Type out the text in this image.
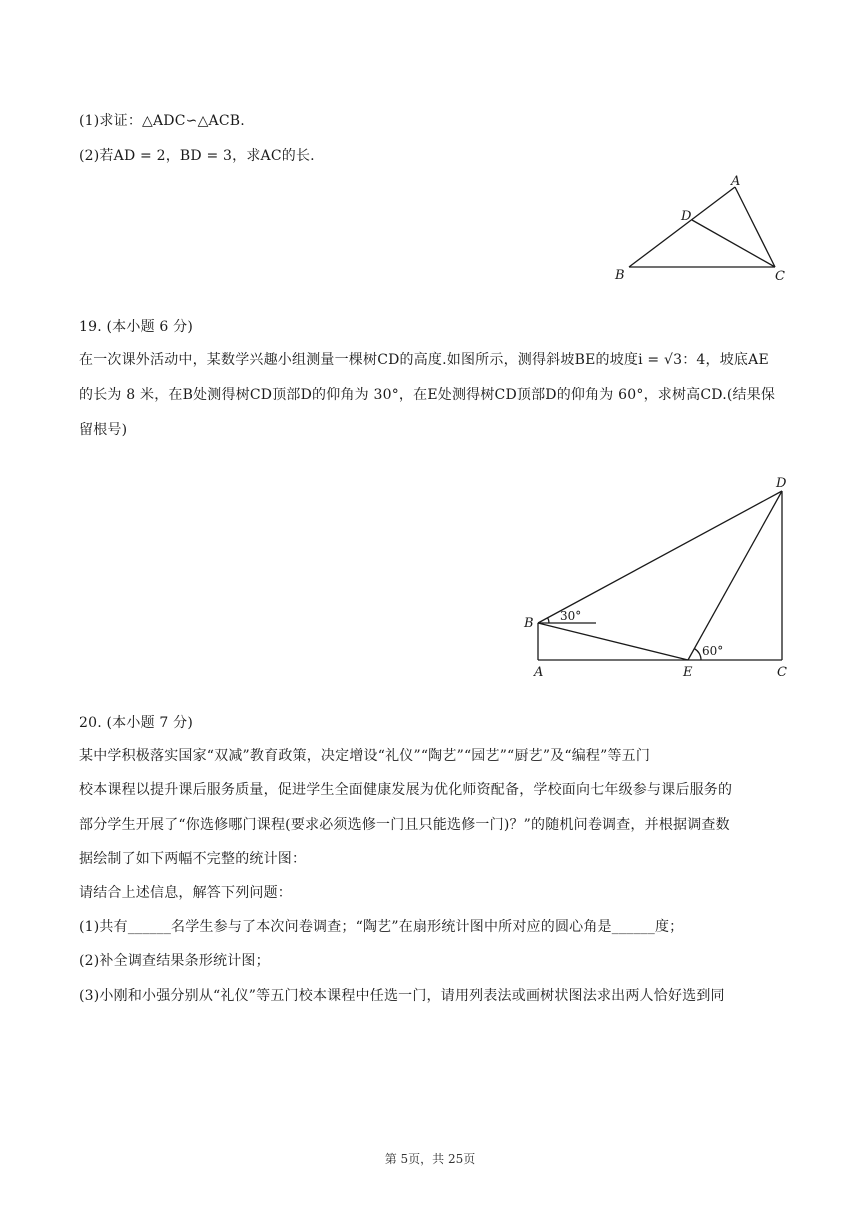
(1)求证：△ADC∽△ACB.
(2)若AD = 2，BD = 3，求AC的长.
A
D
B	C
19. (本小题 6 分)
在一次课外活动中，某数学兴趣小组测量一棵树CD的高度.如图所示，测得斜坡BE的坡度i = √3：4，坡底AE
的长为 8 米，在B处测得树CD顶部D的仰角为 30°，在E处测得树CD顶部D的仰角为 60°，求树高CD.(结果保
留根号)
30°
60°
B
A	E	C
D
20. (本小题 7 分)
某中学积极落实国家“双减”教育政策，决定增设“礼仪”“陶艺”“园艺”“厨艺”及“编程”等五门
校本课程以提升课后服务质量，促进学生全面健康发展为优化师资配备，学校面向七年级参与课后服务的
部分学生开展了“你选修哪门课程(要求必须选修一门且只能选修一门)？”的随机问卷调查，并根据调查数
据绘制了如下两幅不完整的统计图：
请结合上述信息，解答下列问题：
(1)共有______名学生参与了本次问卷调查；“陶艺”在扇形统计图中所对应的圆心角是______度；
(2)补全调查结果条形统计图；
(3)小刚和小强分别从“礼仪”等五门校本课程中任选一门，请用列表法或画树状图法求出两人恰好选到同
第 5页，共 25页
